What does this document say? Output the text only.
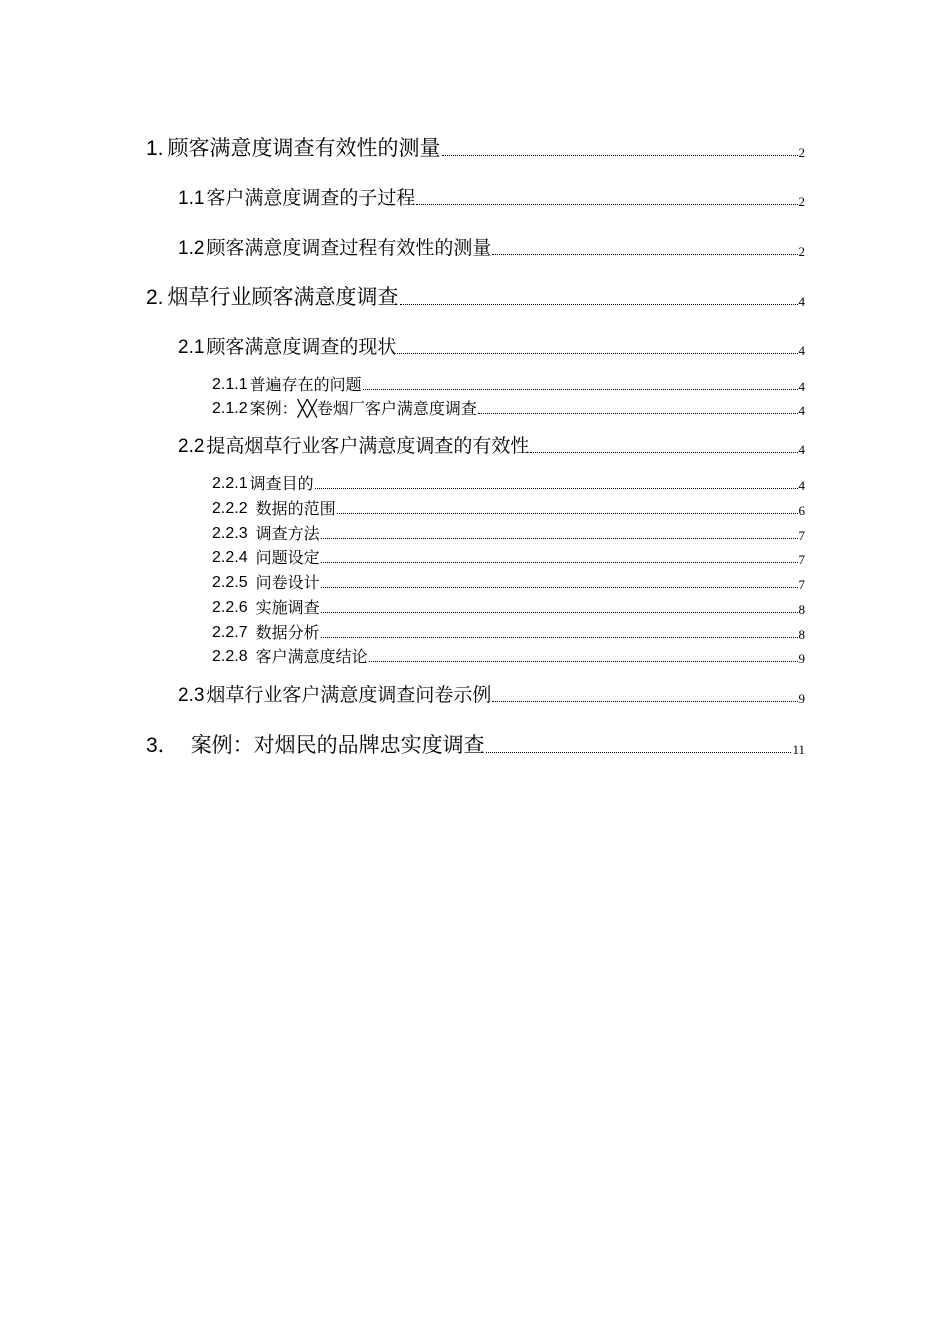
1. 顾客满意度调查有效性的测量	2
1.1 客户满意度调查的子过程	2
1.2 顾客满意度调查过程有效性的测量	2
2. 烟草行业顾客满意度调查	4
2.1 顾客满意度调查的现状	4
2.1.1 普遍存在的问题	4
2.1.2 案例：╳╳卷烟厂客户满意度调查	4
2.2 提高烟草行业客户满意度调查的有效性	4
2.2.1 调查目的	4
2.2.2 数据的范围	6
2.2.3 调查方法	7
2.2.4 问题设定	7
2.2.5 问卷设计	7
2.2.6 实施调查	8
2.2.7 数据分析	8
2.2.8 客户满意度结论	9
2.3 烟草行业客户满意度调查问卷示例	9
3． 案例：对烟民的品牌忠实度调查	11
